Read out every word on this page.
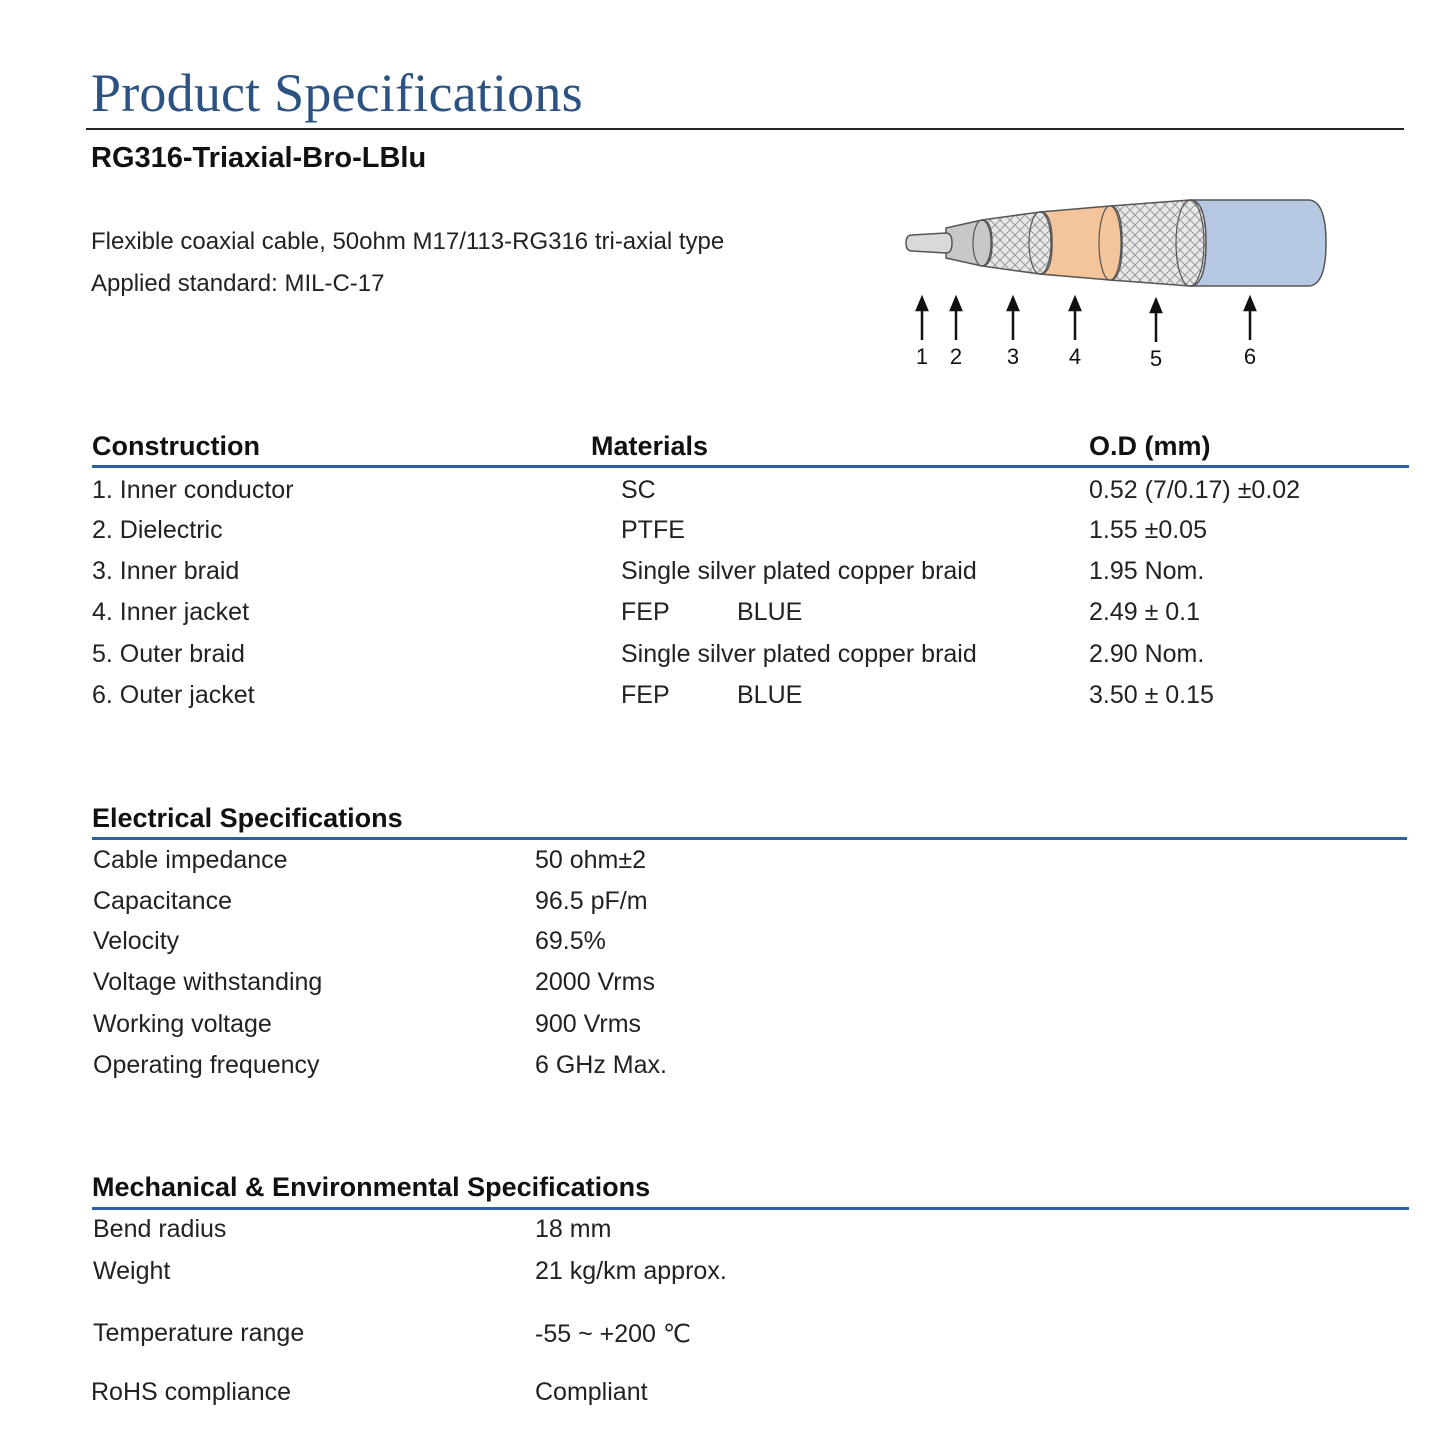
Product Specifications
RG316-Triaxial-Bro-LBlu
Flexible coaxial cable, 50ohm M17/113-RG316 tri-axial type
Applied standard: MIL-C-17
1 2 3 4	5	6
Construction	Materials	O.D (mm)
1. Inner conductor	SC	0.52 (7/0.17) ±0.02
2. Dielectric	PTFE	1.55 ±0.05
3. Inner braid	Single silver plated copper braid	1.95 Nom.
4. Inner jacket	FEP	BLUE	2.49 ± 0.1
5. Outer braid	Single silver plated copper braid	2.90 Nom.
6. Outer jacket	FEP	BLUE	3.50 ± 0.15
Electrical Specifications
Cable impedance	50 ohm±2
Capacitance	96.5 pF/m
Velocity	69.5%
Voltage withstanding	2000 Vrms
Working voltage	900 Vrms
Operating frequency	6 GHz Max.
Mechanical & Environmental Specifications
Bend radius	18 mm
Weight	21 kg/km approx.
Temperature range	-55 ~ +200 ℃
RoHS compliance	Compliant
